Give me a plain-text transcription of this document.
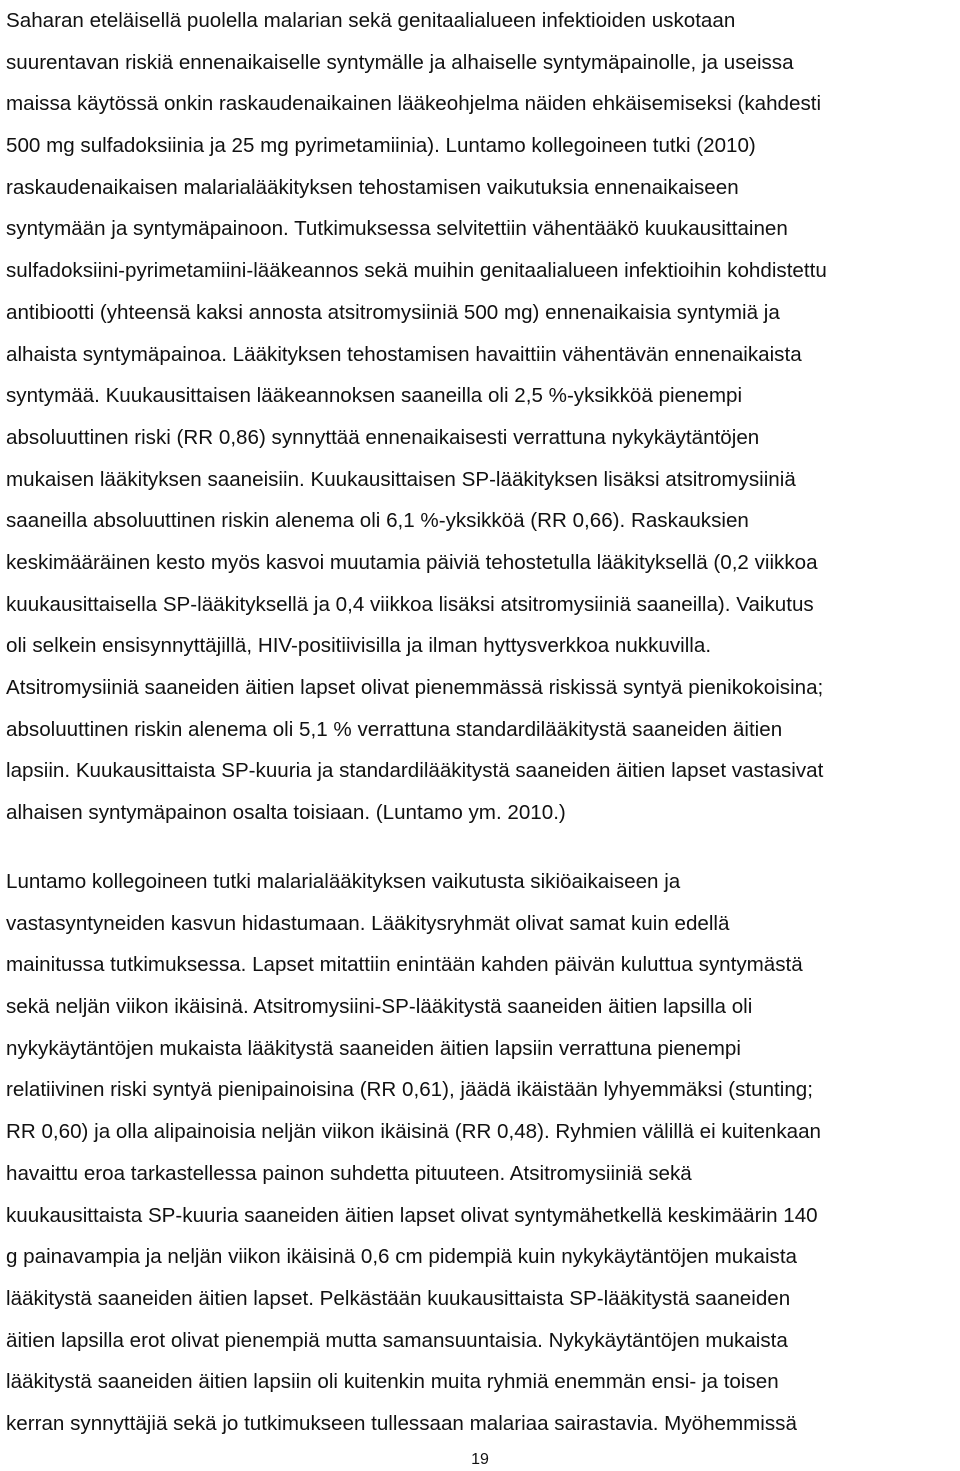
Saharan eteläisellä puolella malarian sekä genitaalialueen infektioiden uskotaan
suurentavan riskiä ennenaikaiselle syntymälle ja alhaiselle syntymäpainolle, ja useissa
maissa käytössä onkin raskaudenaikainen lääkeohjelma näiden ehkäisemiseksi (kahdesti
500 mg sulfadoksiinia ja 25 mg pyrimetamiinia). Luntamo kollegoineen tutki (2010)
raskaudenaikaisen malarialääkityksen tehostamisen vaikutuksia ennenaikaiseen
syntymään ja syntymäpainoon. Tutkimuksessa selvitettiin vähentääkö kuukausittainen
sulfadoksiini-pyrimetamiini-lääkeannos sekä muihin genitaalialueen infektioihin kohdistettu
antibiootti (yhteensä kaksi annosta atsitromysiiniä 500 mg) ennenaikaisia syntymiä ja
alhaista syntymäpainoa. Lääkityksen tehostamisen havaittiin vähentävän ennenaikaista
syntymää. Kuukausittaisen lääkeannoksen saaneilla oli 2,5 %-yksikköä pienempi
absoluuttinen riski (RR 0,86) synnyttää ennenaikaisesti verrattuna nykykäytäntöjen
mukaisen lääkityksen saaneisiin. Kuukausittaisen SP-lääkityksen lisäksi atsitromysiiniä
saaneilla absoluuttinen riskin alenema oli 6,1 %-yksikköä (RR 0,66). Raskauksien
keskimääräinen kesto myös kasvoi muutamia päiviä tehostetulla lääkityksellä (0,2 viikkoa
kuukausittaisella SP-lääkityksellä ja 0,4 viikkoa lisäksi atsitromysiiniä saaneilla). Vaikutus
oli selkein ensisynnyttäjillä, HIV-positiivisilla ja ilman hyttysverkkoa nukkuvilla.
Atsitromysiiniä saaneiden äitien lapset olivat pienemmässä riskissä syntyä pienikokoisina;
absoluuttinen riskin alenema oli 5,1 % verrattuna standardilääkitystä saaneiden äitien
lapsiin. Kuukausittaista SP-kuuria ja standardilääkitystä saaneiden äitien lapset vastasivat
alhaisen syntymäpainon osalta toisiaan. (Luntamo ym. 2010.)
Luntamo kollegoineen tutki malarialääkityksen vaikutusta sikiöaikaiseen ja
vastasyntyneiden kasvun hidastumaan. Lääkitysryhmät olivat samat kuin edellä
mainitussa tutkimuksessa. Lapset mitattiin enintään kahden päivän kuluttua syntymästä
sekä neljän viikon ikäisinä. Atsitromysiini-SP-lääkitystä saaneiden äitien lapsilla oli
nykykäytäntöjen mukaista lääkitystä saaneiden äitien lapsiin verrattuna pienempi
relatiivinen riski syntyä pienipainoisina (RR 0,61), jäädä ikäistään lyhyemmäksi (stunting;
RR 0,60) ja olla alipainoisia neljän viikon ikäisinä (RR 0,48). Ryhmien välillä ei kuitenkaan
havaittu eroa tarkastellessa painon suhdetta pituuteen. Atsitromysiiniä sekä
kuukausittaista SP-kuuria saaneiden äitien lapset olivat syntymähetkellä keskimäärin 140
g painavampia ja neljän viikon ikäisinä 0,6 cm pidempiä kuin nykykäytäntöjen mukaista
lääkitystä saaneiden äitien lapset. Pelkästään kuukausittaista SP-lääkitystä saaneiden
äitien lapsilla erot olivat pienempiä mutta samansuuntaisia. Nykykäytäntöjen mukaista
lääkitystä saaneiden äitien lapsiin oli kuitenkin muita ryhmiä enemmän ensi- ja toisen
kerran synnyttäjiä sekä jo tutkimukseen tullessaan malariaa sairastavia. Myöhemmissä
19
